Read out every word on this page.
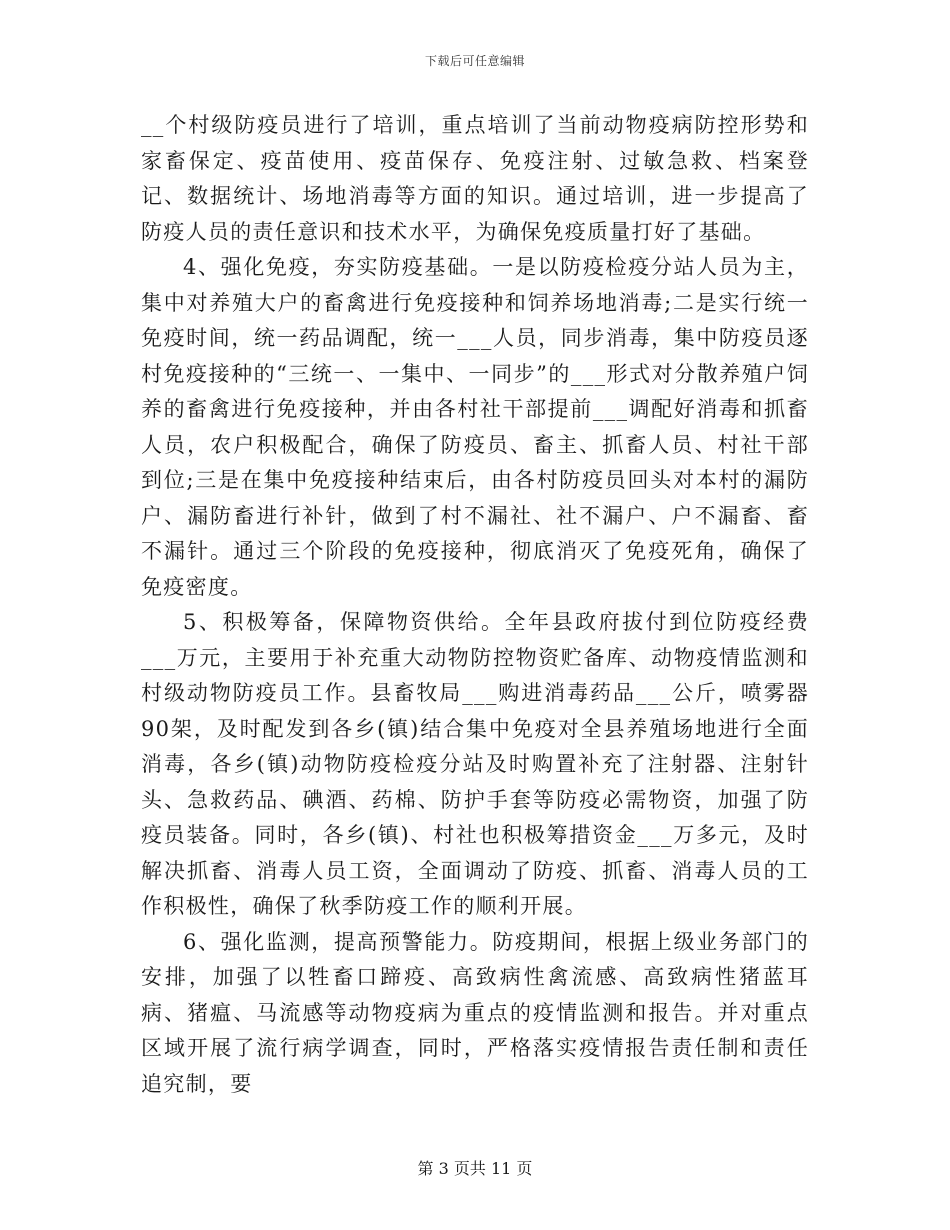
下载后可任意编辑

__个村级防疫员进行了培训，重点培训了当前动物疫病防控形势和家畜保定、疫苗使用、疫苗保存、免疫注射、过敏急救、档案登记、数据统计、场地消毒等方面的知识。通过培训，进一步提高了防疫人员的责任意识和技术水平，为确保免疫质量打好了基础。

4、强化免疫，夯实防疫基础。一是以防疫检疫分站人员为主，集中对养殖大户的畜禽进行免疫接种和饲养场地消毒;二是实行统一免疫时间，统一药品调配，统一___人员，同步消毒，集中防疫员逐村免疫接种的“三统一、一集中、一同步”的___形式对分散养殖户饲养的畜禽进行免疫接种，并由各村社干部提前___调配好消毒和抓畜人员，农户积极配合，确保了防疫员、畜主、抓畜人员、村社干部到位;三是在集中免疫接种结束后，由各村防疫员回头对本村的漏防户、漏防畜进行补针，做到了村不漏社、社不漏户、户不漏畜、畜不漏针。通过三个阶段的免疫接种，彻底消灭了免疫死角，确保了免疫密度。

5、积极筹备，保障物资供给。全年县政府拔付到位防疫经费___万元，主要用于补充重大动物防控物资贮备库、动物疫情监测和村级动物防疫员工作。县畜牧局___购进消毒药品___公斤，喷雾器90架，及时配发到各乡(镇)结合集中免疫对全县养殖场地进行全面消毒，各乡(镇)动物防疫检疫分站及时购置补充了注射器、注射针头、急救药品、碘酒、药棉、防护手套等防疫必需物资，加强了防疫员装备。同时，各乡(镇)、村社也积极筹措资金___万多元，及时解决抓畜、消毒人员工资，全面调动了防疫、抓畜、消毒人员的工作积极性，确保了秋季防疫工作的顺利开展。

6、强化监测，提高预警能力。防疫期间，根据上级业务部门的安排，加强了以牲畜口蹄疫、高致病性禽流感、高致病性猪蓝耳病、猪瘟、马流感等动物疫病为重点的疫情监测和报告。并对重点区域开展了流行病学调查，同时，严格落实疫情报告责任制和责任追究制，要

第 3 页共 11 页
